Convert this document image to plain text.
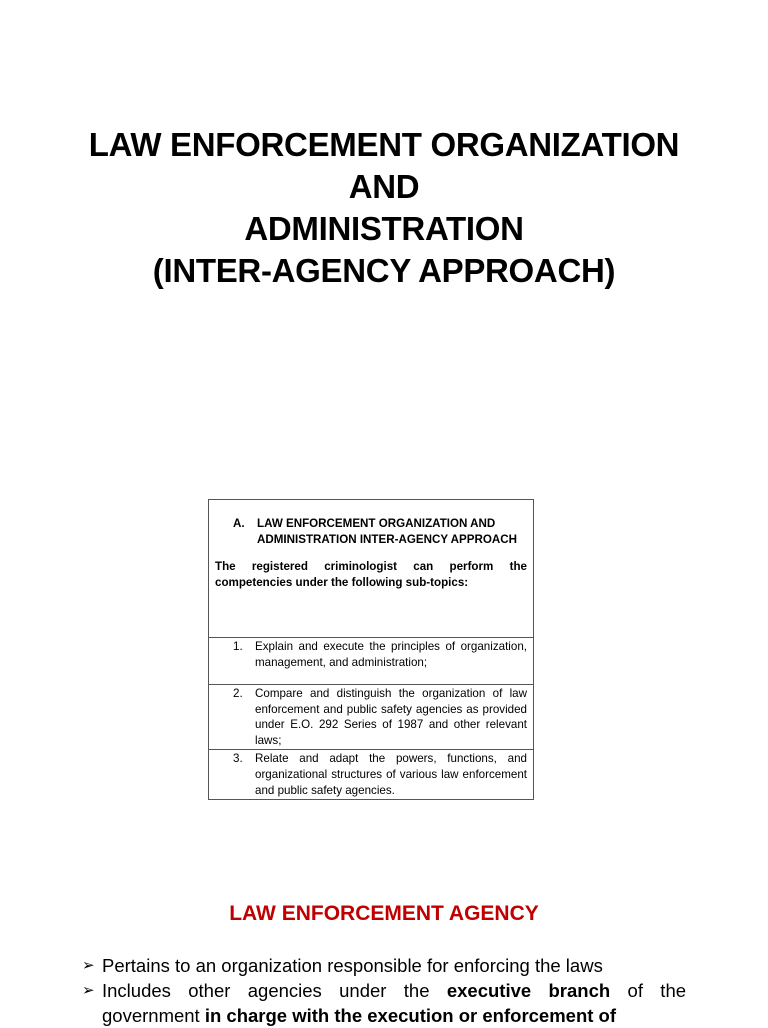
LAW ENFORCEMENT ORGANIZATION
AND
ADMINISTRATION
(INTER-AGENCY APPROACH)
A.	LAW ENFORCEMENT ORGANIZATION AND ADMINISTRATION INTER-AGENCY APPROACH
The registered criminologist can perform the competencies under the following sub-topics:

1.	Explain and execute the principles of organization, management, and administration;

2.	Compare and distinguish the organization of law enforcement and public safety agencies as provided under E.O. 292 Series of 1987 and other relevant laws;

3.	Relate and adapt the powers, functions, and organizational structures of various law enforcement and public safety agencies.
LAW ENFORCEMENT AGENCY
➢ Pertains to an organization responsible for enforcing the laws
➢ Includes other agencies under the executive branch of the government in charge with the execution or enforcement of
